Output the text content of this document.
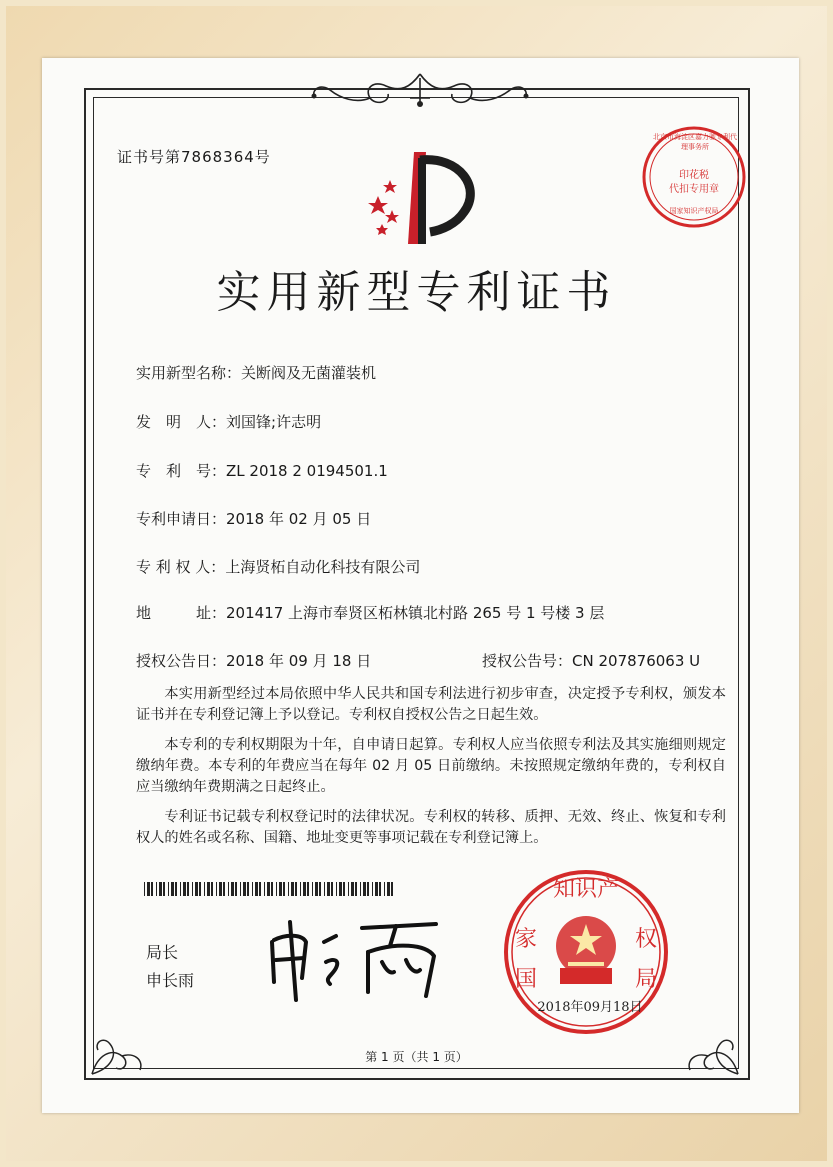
证书号第7868364号
印花税
代扣专用章
北京市海淀区嘉力驰专利代理事务所
国家知识产权局
实用新型专利证书
实用新型名称：关断阀及无菌灌装机
发　明　人：刘国锋;许志明
专　利　号：ZL 2018 2 0194501.1
专利申请日：2018 年 02 月 05 日
专 利 权 人：上海贤柘自动化科技有限公司
地　　　址：201417 上海市奉贤区柘林镇北村路 265 号 1 号楼 3 层
授权公告日：2018 年 09 月 18 日	授权公告号：CN 207876063 U

本实用新型经过本局依照中华人民共和国专利法进行初步审查，决定授予专利权，颁发本证书并在专利登记簿上予以登记。专利权自授权公告之日起生效。

本专利的专利权期限为十年，自申请日起算。专利权人应当依照专利法及其实施细则规定缴纳年费。本专利的年费应当在每年 02 月 05 日前缴纳。未按照规定缴纳年费的，专利权自应当缴纳年费期满之日起终止。

专利证书记载专利权登记时的法律状况。专利权的转移、质押、无效、终止、恢复和专利权人的姓名或名称、国籍、地址变更等事项记载在专利登记簿上。

局长
申长雨
知识产
家	权
国	局
2018年09月18日
第 1 页（共 1 页）
